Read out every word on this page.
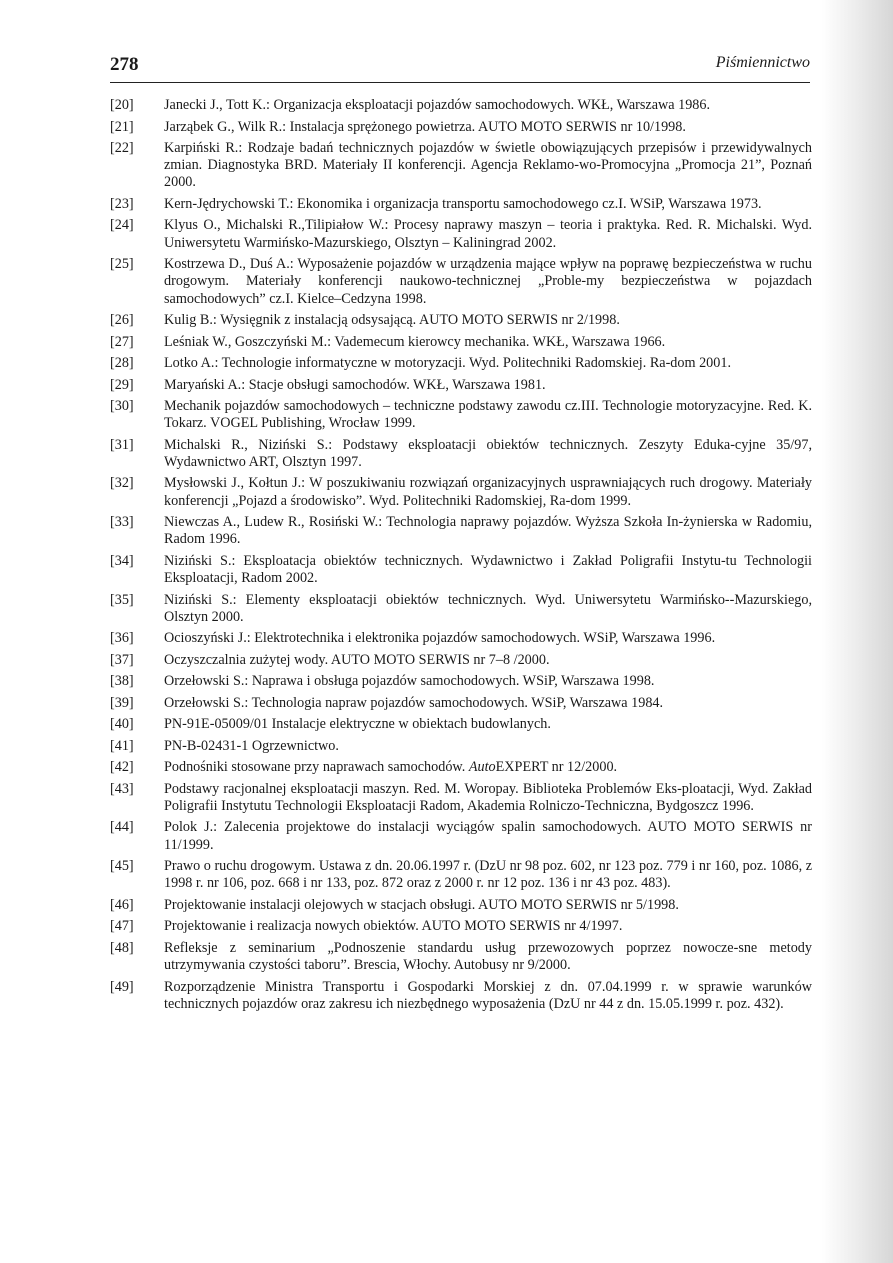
278	Piśmiennictwo
[20]	Janecki J., Tott K.: Organizacja eksploatacji pojazdów samochodowych. WKŁ, Warszawa 1986.
[21]	Jarząbek G., Wilk R.: Instalacja sprężonego powietrza. AUTO MOTO SERWIS nr 10/1998.
[22]	Karpiński R.: Rodzaje badań technicznych pojazdów w świetle obowiązujących przepisów i przewidywalnych zmian. Diagnostyka BRD. Materiały II konferencji. Agencja Reklamo-wo-Promocyjna „Promocja 21”, Poznań 2000.
[23]	Kern-Jędrychowski T.: Ekonomika i organizacja transportu samochodowego cz.I. WSiP, Warszawa 1973.
[24]	Klyus O., Michalski R.,Tilipiałow W.: Procesy naprawy maszyn – teoria i praktyka. Red. R. Michalski. Wyd. Uniwersytetu Warmińsko-Mazurskiego, Olsztyn – Kaliningrad 2002.
[25]	Kostrzewa D., Duś A.: Wyposażenie pojazdów w urządzenia mające wpływ na poprawę bezpieczeństwa w ruchu drogowym. Materiały konferencji naukowo-technicznej „Proble-my bezpieczeństwa w pojazdach samochodowych” cz.I. Kielce–Cedzyna 1998.
[26]	Kulig B.: Wysięgnik z instalacją odsysającą. AUTO MOTO SERWIS nr 2/1998.
[27]	Leśniak W., Goszczyński M.: Vademecum kierowcy mechanika. WKŁ, Warszawa 1966.
[28]	Lotko A.: Technologie informatyczne w motoryzacji. Wyd. Politechniki Radomskiej. Ra-dom 2001.
[29]	Maryański A.: Stacje obsługi samochodów. WKŁ, Warszawa 1981.
[30]	Mechanik pojazdów samochodowych – techniczne podstawy zawodu cz.III. Technologie motoryzacyjne. Red. K. Tokarz. VOGEL Publishing, Wrocław 1999.
[31]	Michalski R., Niziński S.: Podstawy eksploatacji obiektów technicznych. Zeszyty Eduka-cyjne 35/97, Wydawnictwo ART, Olsztyn 1997.
[32]	Mysłowski J., Kołtun J.: W poszukiwaniu rozwiązań organizacyjnych usprawniających ruch drogowy. Materiały konferencji „Pojazd a środowisko”. Wyd. Politechniki Radomskiej, Ra-dom 1999.
[33]	Niewczas A., Ludew R., Rosiński W.: Technologia naprawy pojazdów. Wyższa Szkoła In-żynierska w Radomiu, Radom 1996.
[34]	Niziński S.: Eksploatacja obiektów technicznych. Wydawnictwo i Zakład Poligrafii Instytu-tu Technologii Eksploatacji, Radom 2002.
[35]	Niziński S.: Elementy eksploatacji obiektów technicznych. Wyd. Uniwersytetu Warmińsko--Mazurskiego, Olsztyn 2000.
[36]	Ocioszyński J.: Elektrotechnika i elektronika pojazdów samochodowych. WSiP, Warszawa 1996.
[37]	Oczyszczalnia zużytej wody. AUTO MOTO SERWIS nr 7–8 /2000.
[38]	Orzełowski S.: Naprawa i obsługa pojazdów samochodowych. WSiP, Warszawa 1998.
[39]	Orzełowski S.: Technologia napraw pojazdów samochodowych. WSiP, Warszawa 1984.
[40]	PN-91E-05009/01 Instalacje elektryczne w obiektach budowlanych.
[41]	PN-B-02431-1 Ogrzewnictwo.
[42]	Podnośniki stosowane przy naprawach samochodów. AutoEXPERT nr 12/2000.
[43]	Podstawy racjonalnej eksploatacji maszyn. Red. M. Woropay. Biblioteka Problemów Eks-ploatacji, Wyd. Zakład Poligrafii Instytutu Technologii Eksploatacji Radom, Akademia Rolniczo-Techniczna, Bydgoszcz 1996.
[44]	Polok J.: Zalecenia projektowe do instalacji wyciągów spalin samochodowych. AUTO MOTO SERWIS nr 11/1999.
[45]	Prawo o ruchu drogowym. Ustawa z dn. 20.06.1997 r. (DzU nr 98 poz. 602, nr 123 poz. 779 i nr 160, poz. 1086, z 1998 r. nr 106, poz. 668 i nr 133, poz. 872 oraz z 2000 r. nr 12 poz. 136 i nr 43 poz. 483).
[46]	Projektowanie instalacji olejowych w stacjach obsługi. AUTO MOTO SERWIS nr 5/1998.
[47]	Projektowanie i realizacja nowych obiektów. AUTO MOTO SERWIS nr 4/1997.
[48]	Refleksje z seminarium „Podnoszenie standardu usług przewozowych poprzez nowocze-sne metody utrzymywania czystości taboru”. Brescia, Włochy. Autobusy nr 9/2000.
[49]	Rozporządzenie Ministra Transportu i Gospodarki Morskiej z dn. 07.04.1999 r. w sprawie warunków technicznych pojazdów oraz zakresu ich niezbędnego wyposażenia (DzU nr 44 z dn. 15.05.1999 r. poz. 432).
